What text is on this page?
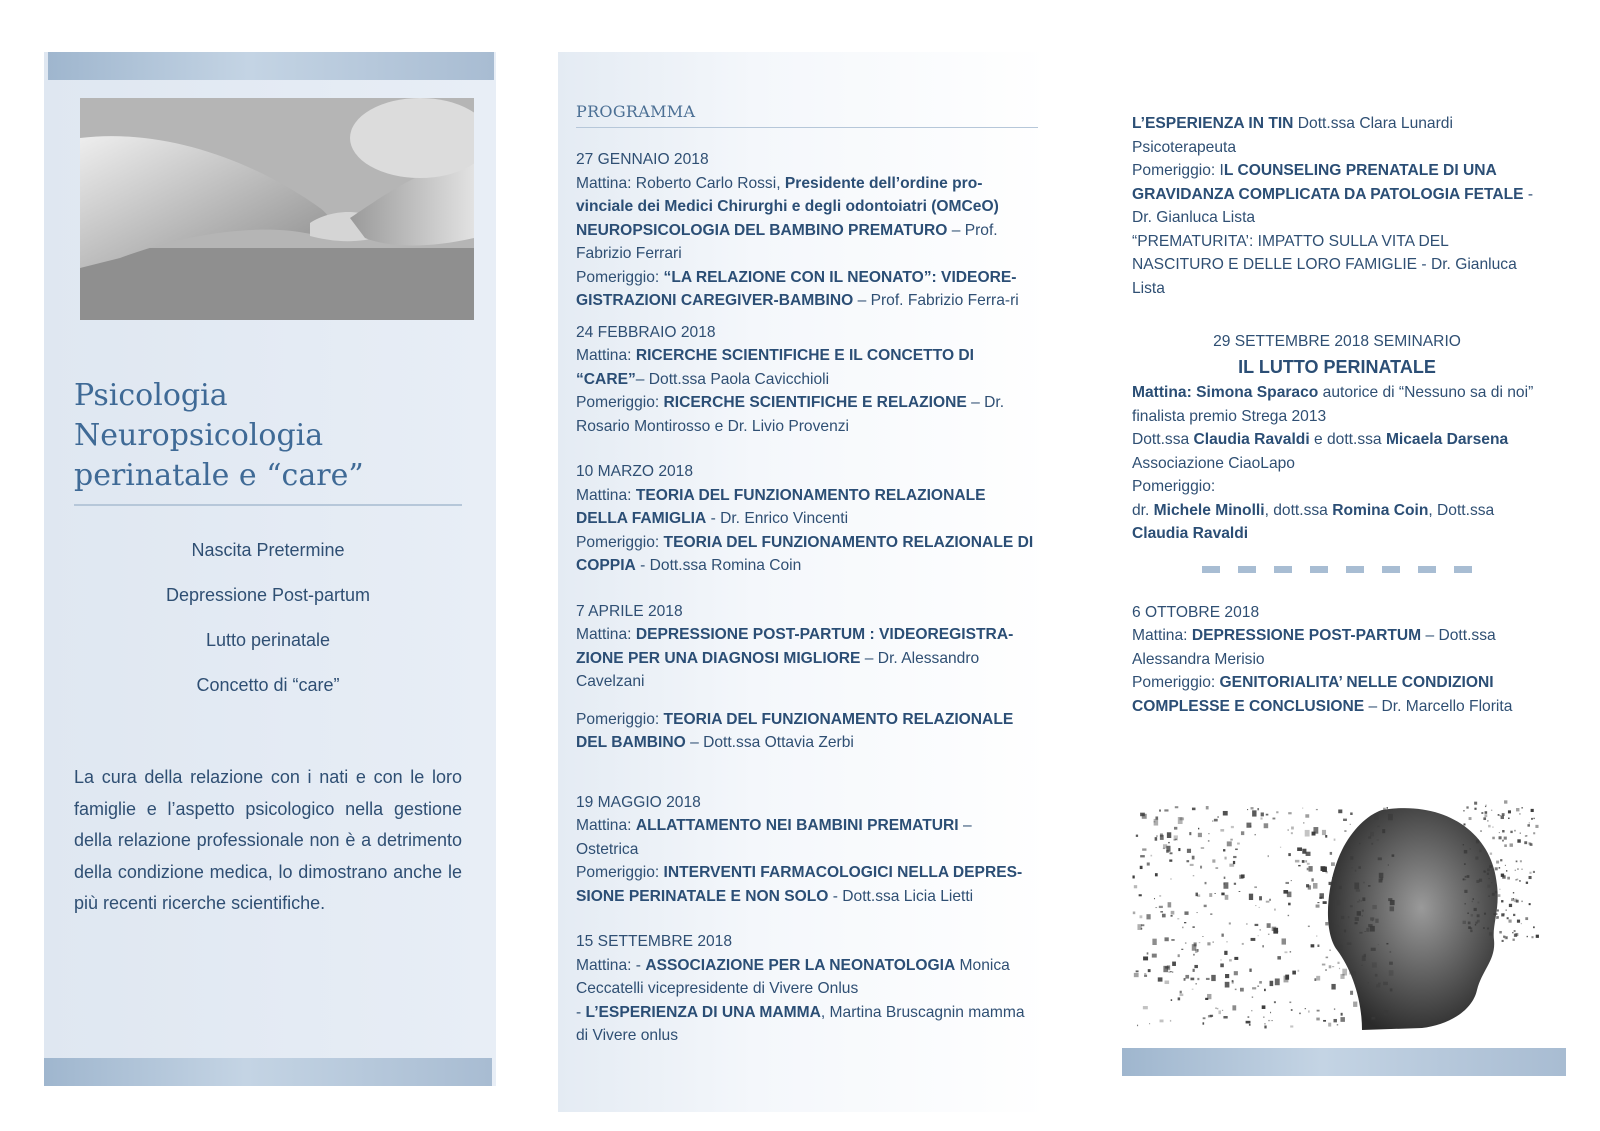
Psicologia
Neuropsicologia
perinatale e “care”
Nascita Pretermine
Depressione Post-partum
Lutto perinatale
Concetto di “care”
La cura della relazione con i nati e con le loro famiglie e l’aspetto psicologico nella gestione della relazione professionale non è a detrimento della condizione medica, lo dimostrano anche le più recenti ricerche scientifiche.
PROGRAMMA
27 GENNAIO 2018
Mattina: Roberto Carlo Rossi, Presidente dell’ordine pro-vinciale dei Medici Chirurghi e degli odontoiatri (OMCeO)
NEUROPSICOLOGIA DEL BAMBINO PREMATURO – Prof. Fabrizio Ferrari
Pomeriggio: “LA RELAZIONE CON IL NEONATO”: VIDEORE-GISTRAZIONI CAREGIVER-BAMBINO – Prof. Fabrizio Ferra-ri
24 FEBBRAIO 2018
Mattina: RICERCHE SCIENTIFICHE E IL CONCETTO DI “CARE”– Dott.ssa Paola Cavicchioli
Pomeriggio: RICERCHE SCIENTIFICHE E RELAZIONE – Dr. Rosario Montirosso e Dr. Livio Provenzi
10 MARZO 2018
Mattina: TEORIA DEL FUNZIONAMENTO RELAZIONALE DELLA FAMIGLIA - Dr. Enrico Vincenti
Pomeriggio: TEORIA DEL FUNZIONAMENTO RELAZIONALE DI COPPIA - Dott.ssa Romina Coin
7 APRILE 2018
Mattina: DEPRESSIONE POST-PARTUM : VIDEOREGISTRA-ZIONE PER UNA DIAGNOSI MIGLIORE – Dr. Alessandro Cavelzani
Pomeriggio: TEORIA DEL FUNZIONAMENTO RELAZIONALE DEL BAMBINO – Dott.ssa Ottavia Zerbi
19 MAGGIO 2018
Mattina: ALLATTAMENTO NEI BAMBINI PREMATURI – Ostetrica
Pomeriggio: INTERVENTI FARMACOLOGICI NELLA DEPRES-SIONE PERINATALE E NON SOLO - Dott.ssa Licia Lietti
15 SETTEMBRE 2018
Mattina: - ASSOCIAZIONE PER LA NEONATOLOGIA Monica Ceccatelli vicepresidente di Vivere Onlus
- L’ESPERIENZA DI UNA MAMMA, Martina Bruscagnin mamma di Vivere onlus
L’ESPERIENZA IN TIN Dott.ssa Clara Lunardi Psicoterapeuta
Pomeriggio: IL COUNSELING PRENATALE DI UNA GRAVIDANZA COMPLICATA DA PATOLOGIA FETALE - Dr. Gianluca Lista
“PREMATURITA’: IMPATTO SULLA VITA DEL NASCITURO E DELLE LORO FAMIGLIE - Dr. Gianluca Lista
29 SETTEMBRE 2018 SEMINARIO
IL LUTTO PERINATALE
Mattina: Simona Sparaco autorice di “Nessuno sa di noi” finalista premio Strega 2013
Dott.ssa Claudia Ravaldi e dott.ssa Micaela Darsena
Associazione CiaoLapo
Pomeriggio:
dr. Michele Minolli, dott.ssa Romina Coin, Dott.ssa Claudia Ravaldi
6 OTTOBRE 2018
Mattina: DEPRESSIONE POST-PARTUM – Dott.ssa Alessandra Merisio
Pomeriggio: GENITORIALITA’ NELLE CONDIZIONI COMPLESSE E CONCLUSIONE – Dr. Marcello Florita
